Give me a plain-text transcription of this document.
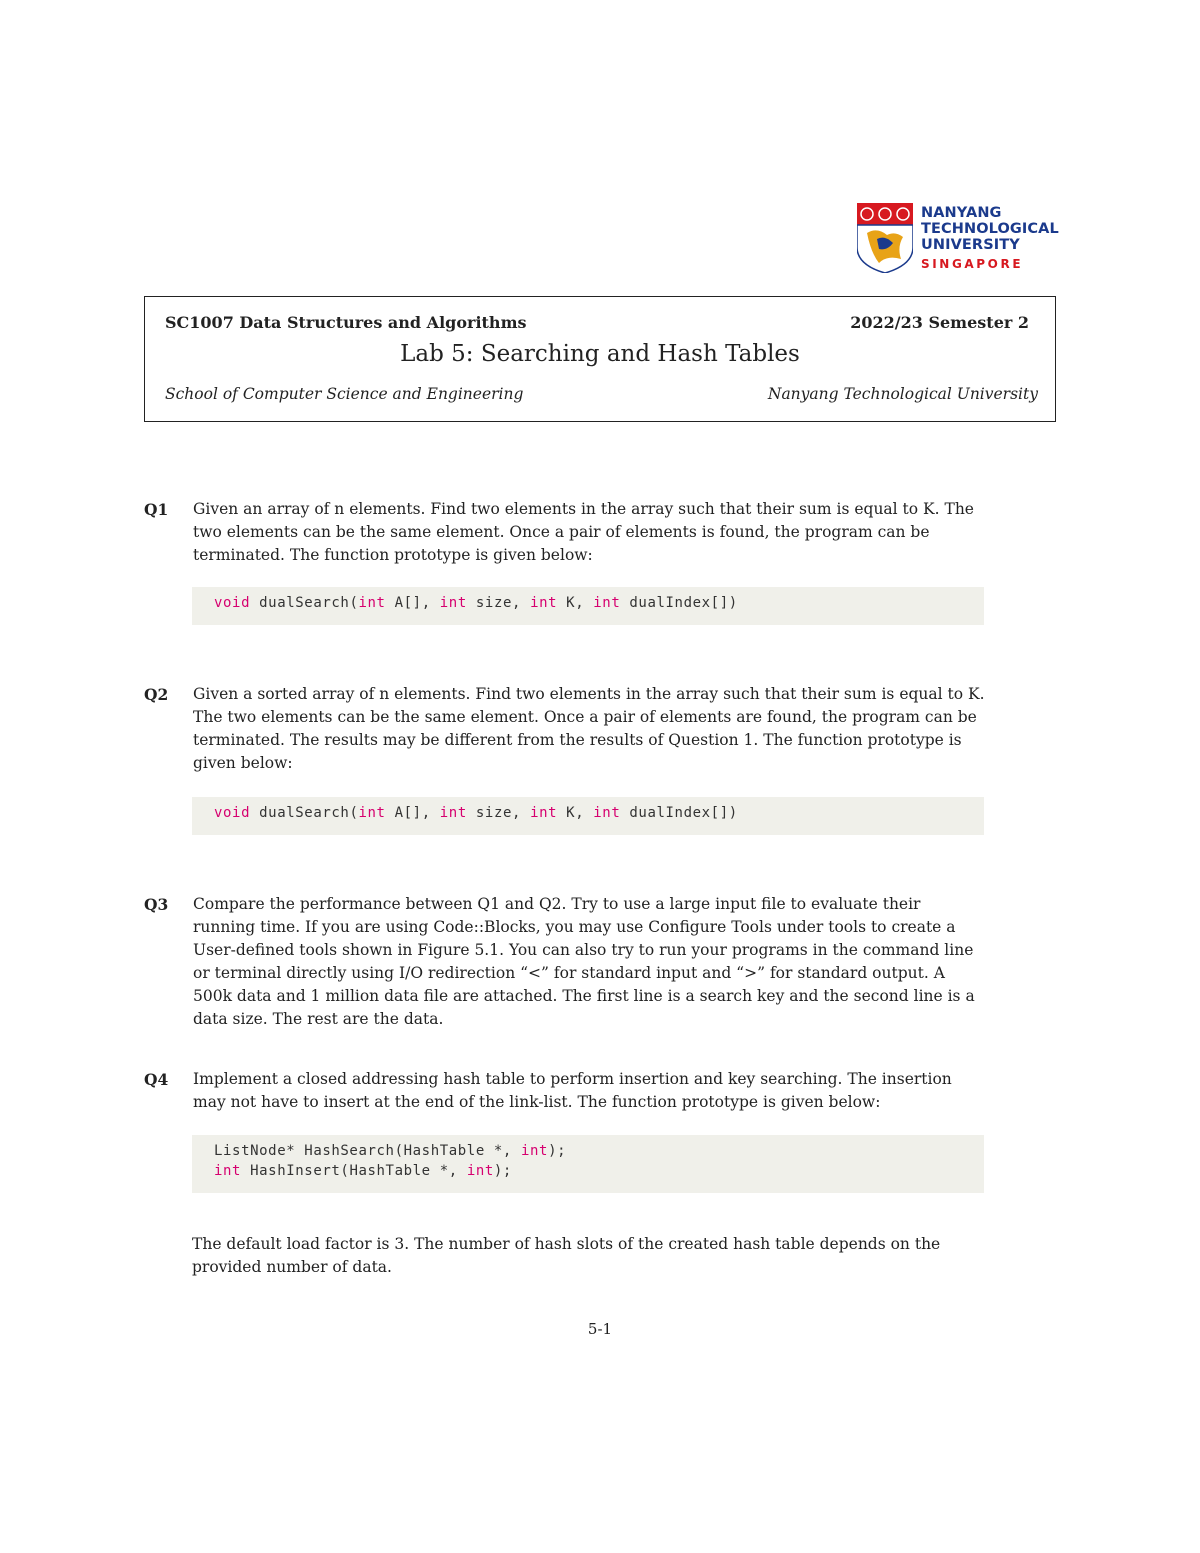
NANYANG
TECHNOLOGICAL
UNIVERSITY
SINGAPORE
SC1007 Data Structures and Algorithms	2022/23 Semester 2
Lab 5: Searching and Hash Tables
School of Computer Science and Engineering	Nanyang Technological University
Q1	Given an array of n elements. Find two elements in the array such that their sum is equal to K. The two elements can be the same element. Once a pair of elements is found, the program can be terminated. The function prototype is given below:
void dualSearch(int A[], int size, int K, int dualIndex[])
Q2	Given a sorted array of n elements. Find two elements in the array such that their sum is equal to K. The two elements can be the same element. Once a pair of elements are found, the program can be terminated. The results may be different from the results of Question 1. The function prototype is given below:
void dualSearch(int A[], int size, int K, int dualIndex[])
Q3	Compare the performance between Q1 and Q2. Try to use a large input file to evaluate their running time. If you are using Code::Blocks, you may use Configure Tools under tools to create a User-defined tools shown in Figure 5.1. You can also try to run your programs in the command line or terminal directly using I/O redirection “<” for standard input and “>” for standard output. A 500k data and 1 million data file are attached. The first line is a search key and the second line is a data size. The rest are the data.
Q4	Implement a closed addressing hash table to perform insertion and key searching. The insertion may not have to insert at the end of the link-list. The function prototype is given below:
ListNode* HashSearch(HashTable *, int);
int HashInsert(HashTable *, int);
The default load factor is 3. The number of hash slots of the created hash table depends on the provided number of data.
5-1
